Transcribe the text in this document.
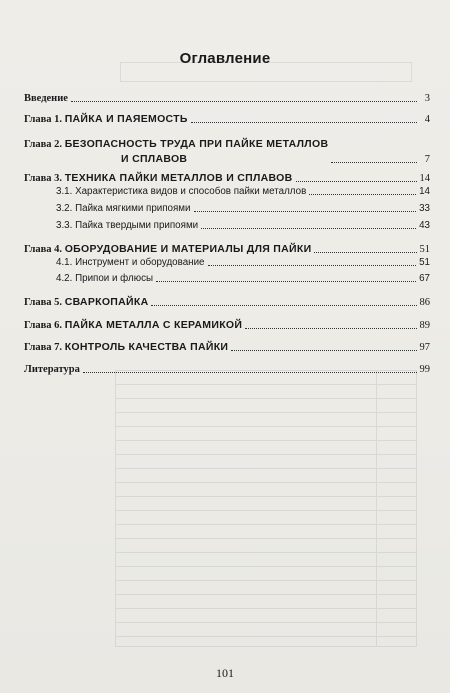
Оглавление
Введение	3
Глава 1. ПАЙКА И ПАЯЕМОСТЬ	4
Глава 2. БЕЗОПАСНОСТЬ ТРУДА ПРИ ПАЙКЕ МЕТАЛЛОВ
И СПЛАВОВ	7
Глава 3. ТЕХНИКА ПАЙКИ МЕТАЛЛОВ И СПЛАВОВ	14
3.1. Характеристика видов и способов пайки металлов	14
3.2. Пайка мягкими припоями	33
3.3. Пайка твердыми припоями	43
Глава 4. ОБОРУДОВАНИЕ И МАТЕРИАЛЫ ДЛЯ ПАЙКИ	51
4.1. Инструмент и оборудование	51
4.2. Припои и флюсы	67
Глава 5. СВАРКОПАЙКА	86
Глава 6. ПАЙКА МЕТАЛЛА С КЕРАМИКОЙ	89
Глава 7. КОНТРОЛЬ КАЧЕСТВА ПАЙКИ	97
Литература	99
101
